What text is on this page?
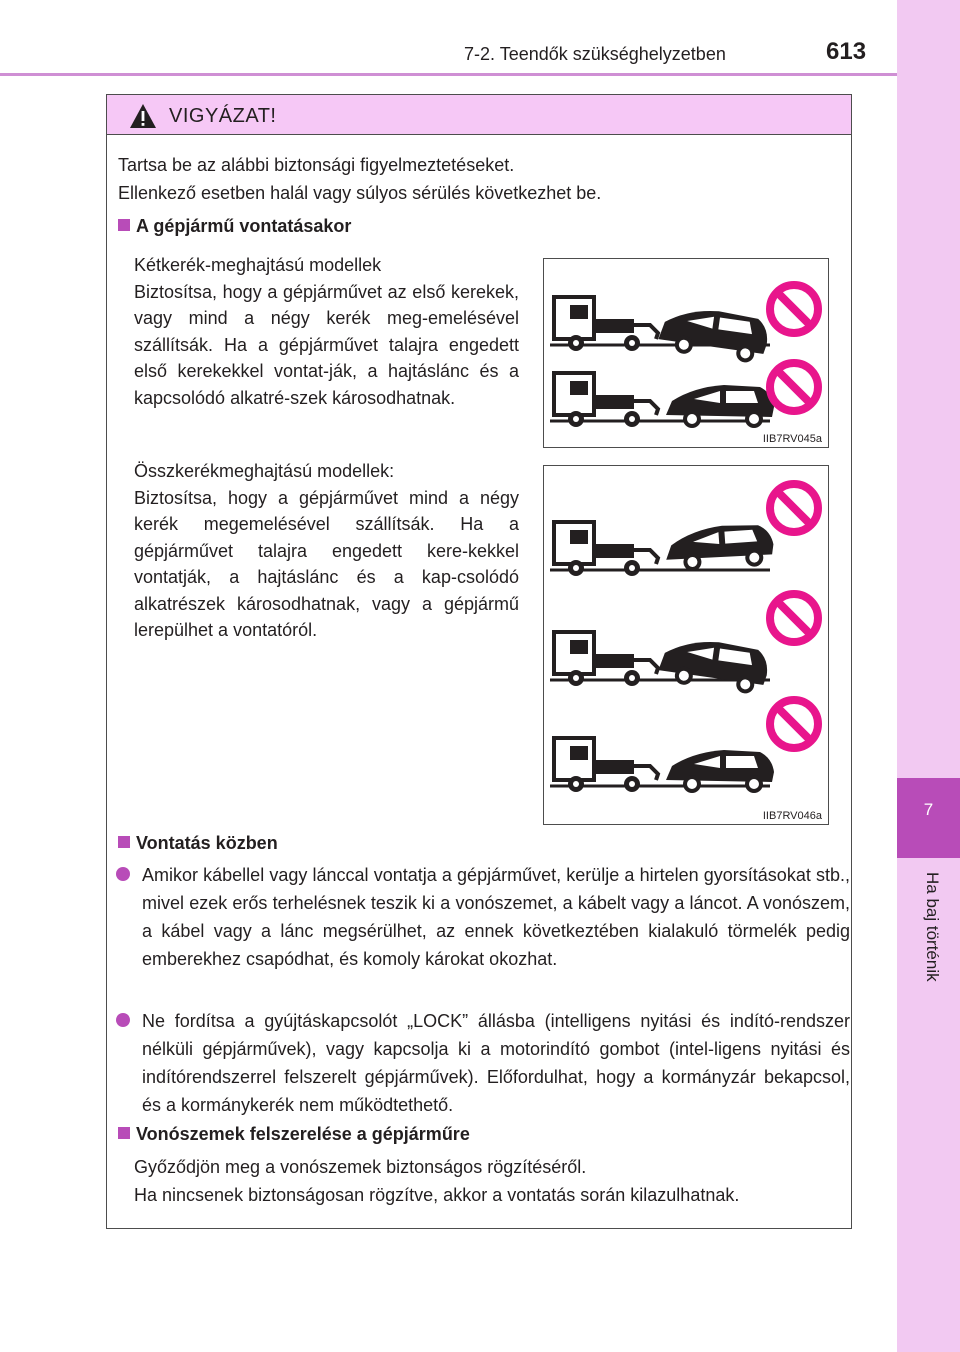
7
Ha baj történik
7-2. Teendők szükséghelyzetben	613
VIGYÁZAT!
Tartsa be az alábbi biztonsági figyelmeztetéseket.
Ellenkező esetben halál vagy súlyos sérülés következhet be.
A gépjármű vontatásakor
Kétkerék-meghajtású modellek
Biztosítsa, hogy a gépjárművet az első kerekek, vagy mind a négy kerék meg-emelésével szállítsák. Ha a gépjárművet talajra engedett első kerekekkel vontat-ják, a hajtáslánc és a kapcsolódó alkatré-szek károsodhatnak.
Összkerékmeghajtású modellek:
Biztosítsa, hogy a gépjárművet mind a négy kerék megemelésével szállítsák. Ha a gépjárművet talajra engedett kere-kekkel vontatják, a hajtáslánc és a kap-csolódó alkatrészek károsodhatnak, vagy a gépjármű lerepülhet a vontatóról.
IIB7RV045a
IIB7RV046a
Vontatás közben
Amikor kábellel vagy lánccal vontatja a gépjárművet, kerülje a hirtelen gyorsításokat stb., mivel ezek erős terhelésnek teszik ki a vonószemet, a kábelt vagy a láncot. A vonószem, a kábel vagy a lánc megsérülhet, az ennek következtében kialakuló törmelék pedig emberekhez csapódhat, és komoly károkat okozhat.
Ne fordítsa a gyújtáskapcsolót „LOCK” állásba (intelligens nyitási és indító-rendszer nélküli gépjárművek), vagy kapcsolja ki a motorindító gombot (intel-ligens nyitási és indítórendszerrel felszerelt gépjárművek). Előfordulhat, hogy a kormányzár bekapcsol, és a kormánykerék nem működtethető.
Vonószemek felszerelése a gépjárműre
Győződjön meg a vonószemek biztonságos rögzítéséről.
Ha nincsenek biztonságosan rögzítve, akkor a vontatás során kilazulhatnak.
